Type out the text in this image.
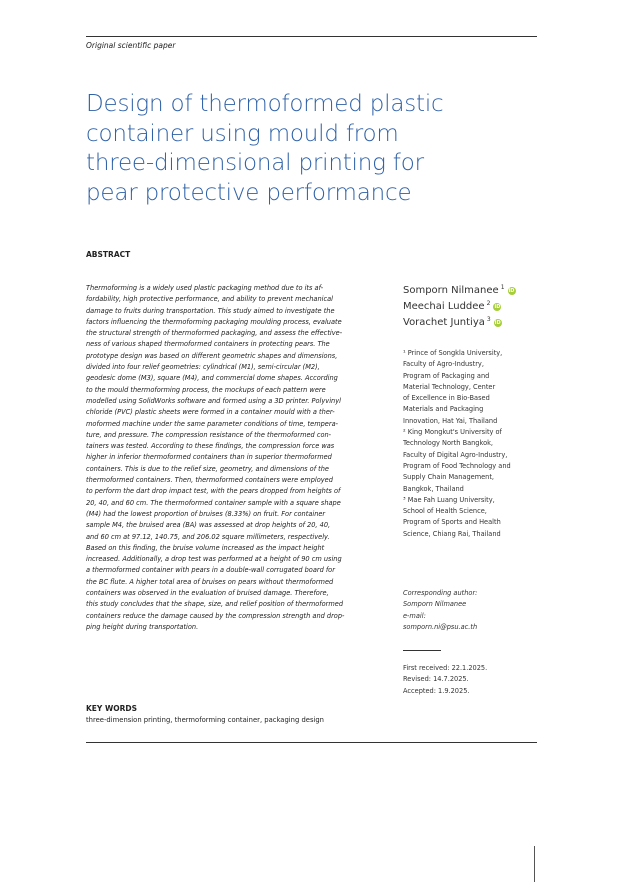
Original scientific paper
Design of thermoformed plastic
container using mould from
three-dimensional printing for
pear protective performance
ABSTRACT
Thermoforming is a widely used plastic packaging method due to its af-
fordability, high protective performance, and ability to prevent mechanical
damage to fruits during transportation. This study aimed to investigate the
factors influencing the thermoforming packaging moulding process, evaluate
the structural strength of thermoformed packaging, and assess the effective-
ness of various shaped thermoformed containers in protecting pears. The
prototype design was based on different geometric shapes and dimensions,
divided into four relief geometries: cylindrical (M1), semi-circular (M2),
geodesic dome (M3), square (M4), and commercial dome shapes. According
to the mould thermoforming process, the mockups of each pattern were
modelled using SolidWorks software and formed using a 3D printer. Polyvinyl
chloride (PVC) plastic sheets were formed in a container mould with a ther-
moformed machine under the same parameter conditions of time, tempera-
ture, and pressure. The compression resistance of the thermoformed con-
tainers was tested. According to these findings, the compression force was
higher in inferior thermoformed containers than in superior thermoformed
containers. This is due to the relief size, geometry, and dimensions of the
thermoformed containers. Then, thermoformed containers were employed
to perform the dart drop impact test, with the pears dropped from heights of
20, 40, and 60 cm. The thermoformed container sample with a square shape
(M4) had the lowest proportion of bruises (8.33%) on fruit. For container
sample M4, the bruised area (BA) was assessed at drop heights of 20, 40,
and 60 cm at 97.12, 140.75, and 206.02 square millimeters, respectively.
Based on this finding, the bruise volume increased as the impact height
increased. Additionally, a drop test was performed at a height of 90 cm using
a thermoformed container with pears in a double-wall corrugated board for
the BC flute. A higher total area of bruises on pears without thermoformed
containers was observed in the evaluation of bruised damage. Therefore,
this study concludes that the shape, size, and relief position of thermoformed
containers reduce the damage caused by the compression strength and drop-
ping height during transportation.
KEY WORDS
three-dimension printing, thermoforming container, packaging design
Somporn Nilmanee $^1$ iD
Meechai Luddee $^2$ iD
Vorachet Juntiya $^3$ iD
¹ Prince of Songkla University,
Faculty of Agro-Industry,
Program of Packaging and
Material Technology, Center
of Excellence in Bio-Based
Materials and Packaging
Innovation, Hat Yai, Thailand
² King Mongkut's University of
Technology North Bangkok,
Faculty of Digital Agro-Industry,
Program of Food Technology and
Supply Chain Management,
Bangkok, Thailand
³ Mae Fah Luang University,
School of Health Science,
Program of Sports and Health
Science, Chiang Rai, Thailand
Corresponding author:
Somporn Nilmanee
e-mail:
somporn.ni@psu.ac.th
First received: 22.1.2025.
Revised: 14.7.2025.
Accepted: 1.9.2025.
